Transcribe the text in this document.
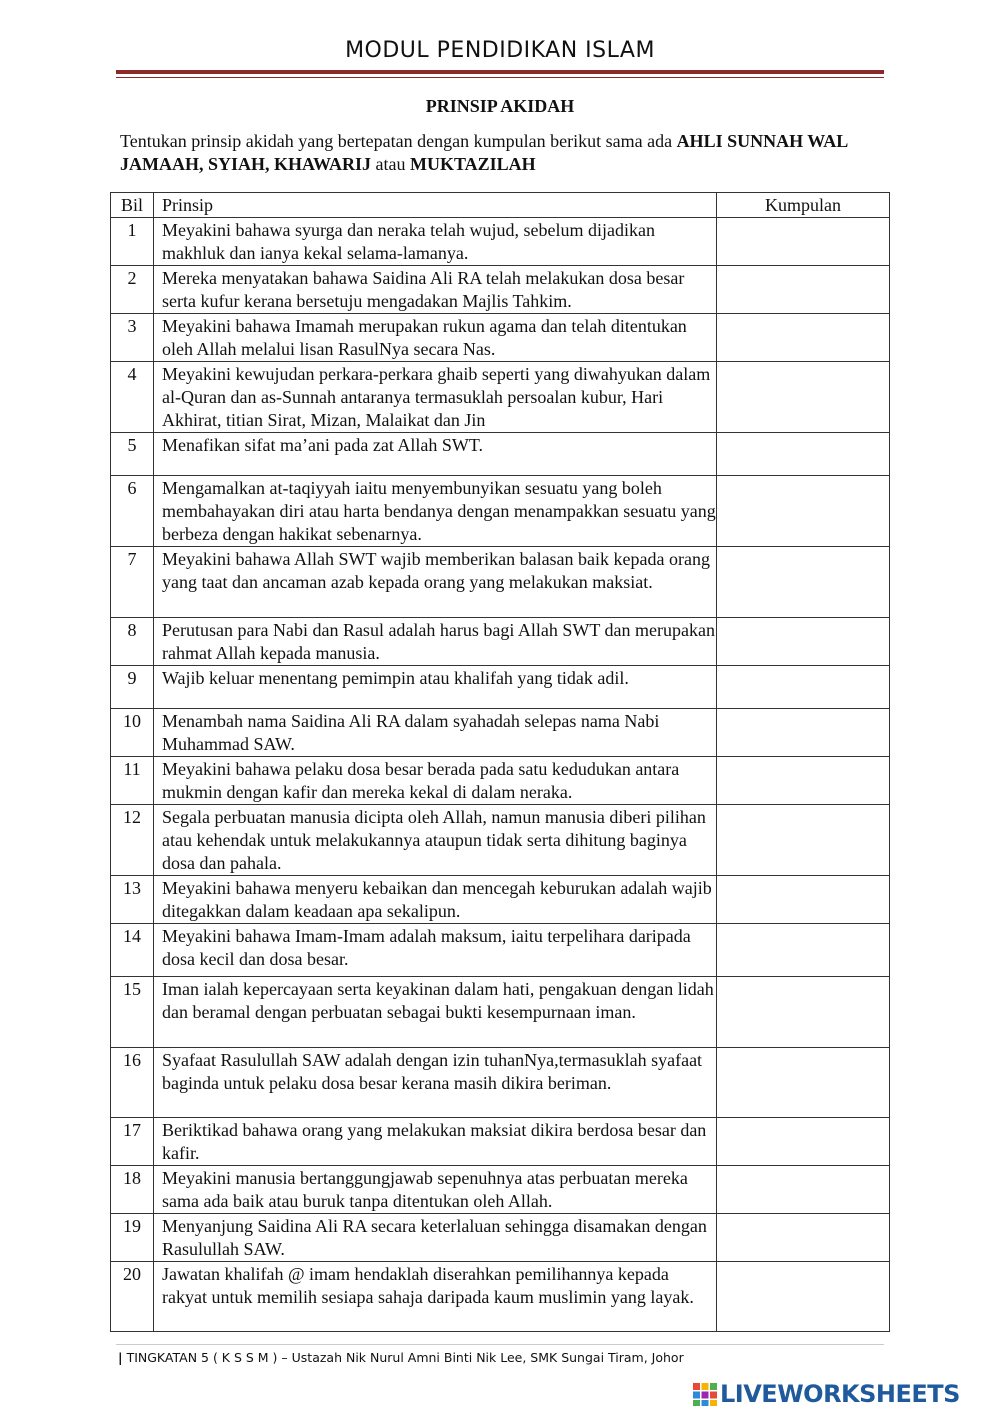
MODUL PENDIDIKAN ISLAM
PRINSIP AKIDAH
Tentukan prinsip akidah yang bertepatan dengan kumpulan berikut sama ada AHLI SUNNAH WAL JAMAAH, SYIAH, KHAWARIJ atau MUKTAZILAH
Bil	Prinsip	Kumpulan
1	Meyakini bahawa syurga dan neraka telah wujud, sebelum dijadikan makhluk dan ianya kekal selama-lamanya.	
2	Mereka menyatakan bahawa Saidina Ali RA telah melakukan dosa besar serta kufur kerana bersetuju mengadakan Majlis Tahkim.	
3	Meyakini bahawa Imamah merupakan rukun agama dan telah ditentukan oleh Allah melalui lisan RasulNya secara Nas.	
4	Meyakini kewujudan perkara-perkara ghaib seperti yang diwahyukan dalam al-Quran dan as-Sunnah antaranya termasuklah persoalan kubur, Hari Akhirat, titian Sirat, Mizan, Malaikat dan Jin	
5	Menafikan sifat ma’ani pada zat Allah SWT.	
6	Mengamalkan at-taqiyyah iaitu menyembunyikan sesuatu yang boleh membahayakan diri atau harta bendanya dengan menampakkan sesuatu yang berbeza dengan hakikat sebenarnya.	
7	Meyakini bahawa Allah SWT wajib memberikan balasan baik kepada orang yang taat dan ancaman azab kepada orang yang melakukan maksiat.	
8	Perutusan para Nabi dan Rasul adalah harus bagi Allah SWT dan merupakan rahmat Allah kepada manusia.	
9	Wajib keluar menentang pemimpin atau khalifah yang tidak adil.	
10	Menambah nama Saidina Ali RA dalam syahadah selepas nama Nabi Muhammad SAW.	
11	Meyakini bahawa pelaku dosa besar berada pada satu kedudukan antara mukmin dengan kafir dan mereka kekal di dalam neraka.	
12	Segala perbuatan manusia dicipta oleh Allah, namun manusia diberi pilihan atau kehendak untuk melakukannya ataupun tidak serta dihitung baginya dosa dan pahala.	
13	Meyakini bahawa menyeru kebaikan dan mencegah keburukan adalah wajib ditegakkan dalam keadaan apa sekalipun.	
14	Meyakini bahawa Imam-Imam adalah maksum, iaitu terpelihara daripada dosa kecil dan dosa besar.	
15	Iman ialah kepercayaan serta keyakinan dalam hati, pengakuan dengan lidah dan beramal dengan perbuatan sebagai bukti kesempurnaan iman.	
16	Syafaat Rasulullah SAW adalah dengan izin tuhanNya,termasuklah syafaat baginda untuk pelaku dosa besar kerana masih dikira beriman.	
17	Beriktikad bahawa orang yang melakukan maksiat dikira berdosa besar dan kafir.	
18	Meyakini manusia bertanggungjawab sepenuhnya atas perbuatan mereka sama ada baik atau buruk tanpa ditentukan oleh Allah.	
19	Menyanjung Saidina Ali RA secara keterlaluan sehingga disamakan dengan Rasulullah SAW.	
20	Jawatan khalifah @ imam hendaklah diserahkan pemilihannya kepada rakyat untuk memilih sesiapa sahaja daripada kaum muslimin yang layak.	
| TINGKATAN 5 ( K S S M ) – Ustazah Nik Nurul Amni Binti Nik Lee, SMK Sungai Tiram, Johor
LIVEWORKSHEETS
